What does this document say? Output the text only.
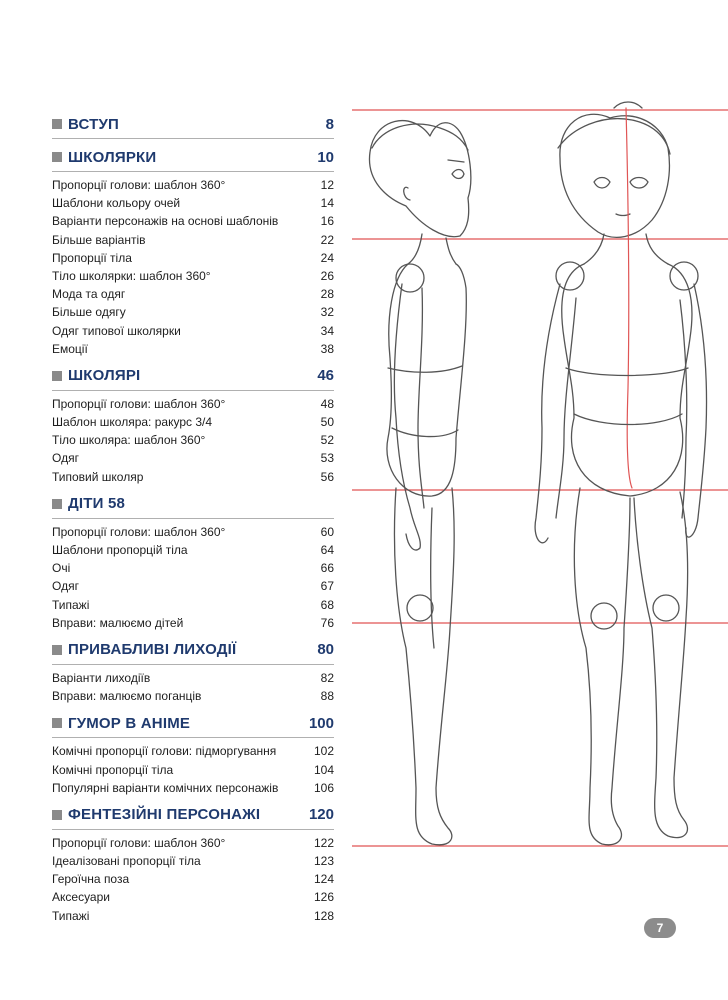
ВСТУП	8
ШКОЛЯРКИ	10
Пропорції голови: шаблон 360°	12
Шаблони кольору очей	14
Варіанти персонажів на основі шаблонів	16
Більше варіантів	22
Пропорції тіла	24
Тіло школярки: шаблон 360°	26
Мода та одяг	28
Більше одягу	32
Одяг типової школярки	34
Емоції	38
ШКОЛЯРІ	46
Пропорції голови: шаблон 360°	48
Шаблон школяра: ракурс 3/4	50
Тіло школяра: шаблон 360°	52
Одяг	53
Типовий школяр	56
ДІТИ 58
Пропорції голови: шаблон 360°	60
Шаблони пропорцій тіла	64
Очі	66
Одяг	67
Типажі	68
Вправи: малюємо дітей	76
ПРИВАБЛИВІ ЛИХОДІЇ	80
Варіанти лиходіїв	82
Вправи: малюємо поганців	88
ГУМОР В АНІМЕ	100
Комічні пропорції голови: підморгування	102
Комічні пропорції тіла	104
Популярні варіанти комічних персонажів	106
ФЕНТЕЗІЙНІ ПЕРСОНАЖІ	120
Пропорції голови: шаблон 360°	122
Ідеалізовані пропорції тіла	123
Героїчна поза	124
Аксесуари	126
Типажі	128
7
